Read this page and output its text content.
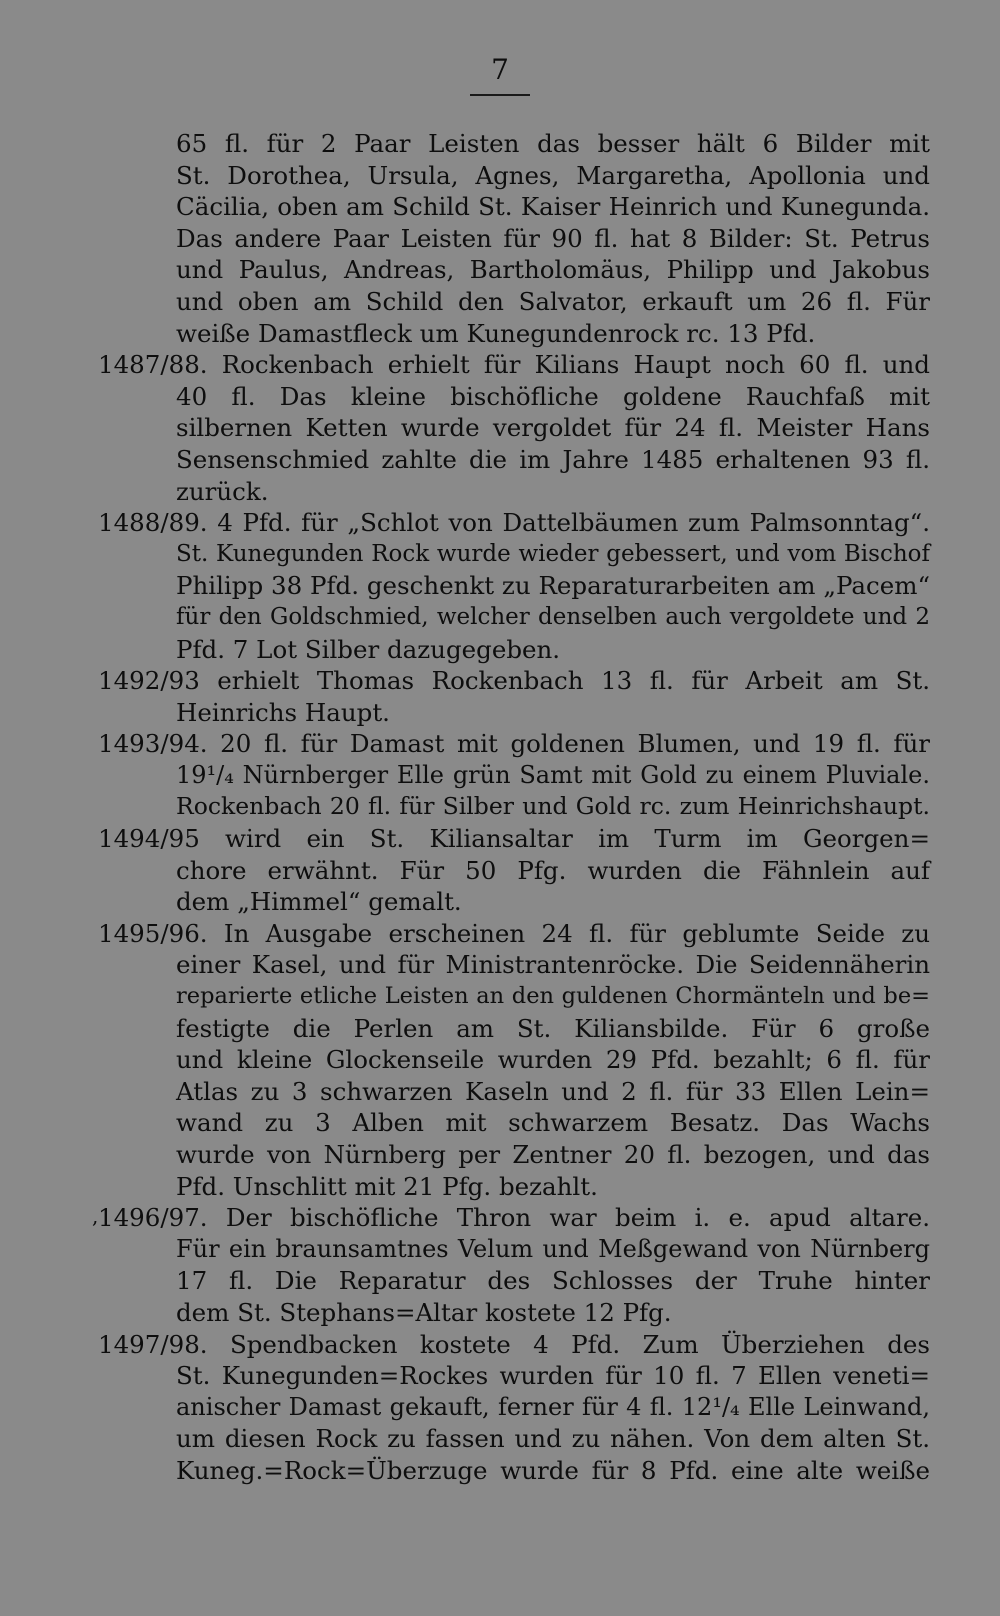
7
,
65 fl. für 2 Paar Leisten das besser hält 6 Bilder mit
St. Dorothea, Ursula, Agnes, Margaretha, Apollonia und
Cäcilia, oben am Schild St. Kaiser Heinrich und Kunegunda.
Das andere Paar Leisten für 90 fl. hat 8 Bilder: St. Petrus
und Paulus, Andreas, Bartholomäus, Philipp und Jakobus
und oben am Schild den Salvator, erkauft um 26 fl. Für
weiße Damastfleck um Kunegundenrock rc. 13 Pfd.
1487/88. Rockenbach erhielt für Kilians Haupt noch 60 fl. und
40 fl. Das kleine bischöfliche goldene Rauchfaß mit
silbernen Ketten wurde vergoldet für 24 fl. Meister Hans
Sensenschmied zahlte die im Jahre 1485 erhaltenen 93 fl.
zurück.
1488/89. 4 Pfd. für „Schlot von Dattelbäumen zum Palmsonntag“.
St. Kunegunden Rock wurde wieder gebessert, und vom Bischof
Philipp 38 Pfd. geschenkt zu Reparaturarbeiten am „Pacem“
für den Goldschmied, welcher denselben auch vergoldete und 2
Pfd. 7 Lot Silber dazugegeben.
1492/93 erhielt Thomas Rockenbach 13 fl. für Arbeit am St.
Heinrichs Haupt.
1493/94. 20 fl. für Damast mit goldenen Blumen, und 19 fl. für
19¹/₄ Nürnberger Elle grün Samt mit Gold zu einem Pluviale.
Rockenbach 20 fl. für Silber und Gold rc. zum Heinrichshaupt.
1494/95 wird ein St. Kiliansaltar im Turm im Georgen=
chore erwähnt. Für 50 Pfg. wurden die Fähnlein auf
dem „Himmel“ gemalt.
1495/96. In Ausgabe erscheinen 24 fl. für geblumte Seide zu
einer Kasel, und für Ministrantenröcke. Die Seidennäherin
reparierte etliche Leisten an den guldenen Chormänteln und be=
festigte die Perlen am St. Kiliansbilde. Für 6 große
und kleine Glockenseile wurden 29 Pfd. bezahlt; 6 fl. für
Atlas zu 3 schwarzen Kaseln und 2 fl. für 33 Ellen Lein=
wand zu 3 Alben mit schwarzem Besatz. Das Wachs
wurde von Nürnberg per Zentner 20 fl. bezogen, und das
Pfd. Unschlitt mit 21 Pfg. bezahlt.
1496/97. Der bischöfliche Thron war beim i. e. apud altare.
Für ein braunsamtnes Velum und Meßgewand von Nürnberg
17 fl. Die Reparatur des Schlosses der Truhe hinter
dem St. Stephans=Altar kostete 12 Pfg.
1497/98. Spendbacken kostete 4 Pfd. Zum Überziehen des
St. Kunegunden=Rockes wurden für 10 fl. 7 Ellen veneti=
anischer Damast gekauft, ferner für 4 fl. 12¹/₄ Elle Leinwand,
um diesen Rock zu fassen und zu nähen. Von dem alten St.
Kuneg.=Rock=Überzuge wurde für 8 Pfd. eine alte weiße
